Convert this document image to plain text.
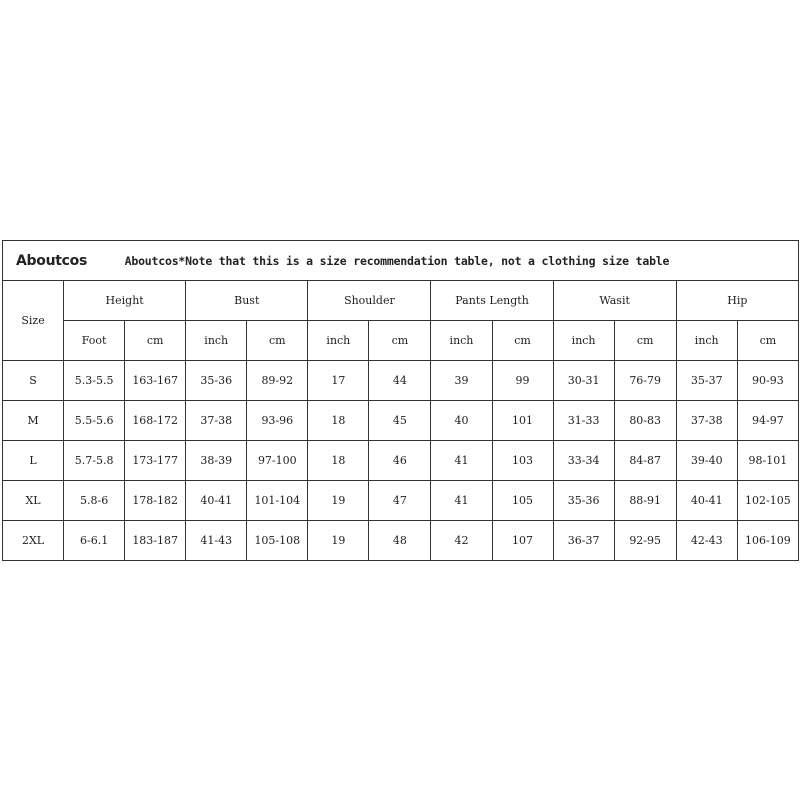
Aboutcos		Aboutcos*Note that this is a size recommendation table, not a clothing size table										
Size	Height		Bust		Shoulder		Pants Length		Wasit		Hip	
	Foot	cm	inch	cm	inch	cm	inch	cm	inch	cm	inch	cm
S	5.3-5.5	163-167	35-36	89-92	17	44	39	99	30-31	76-79	35-37	90-93
M	5.5-5.6	168-172	37-38	93-96	18	45	40	101	31-33	80-83	37-38	94-97
L	5.7-5.8	173-177	38-39	97-100	18	46	41	103	33-34	84-87	39-40	98-101
XL	5.8-6	178-182	40-41	101-104	19	47	41	105	35-36	88-91	40-41	102-105
2XL	6-6.1	183-187	41-43	105-108	19	48	42	107	36-37	92-95	42-43	106-109
